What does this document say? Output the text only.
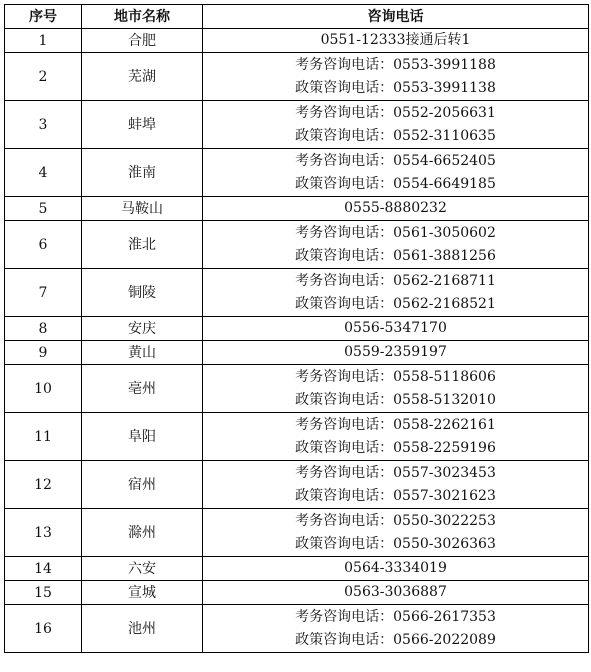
序号	地市名称	咨询电话
1	合肥	0551-12333接通后转1

2	芜湖	考务咨询电话：0553-3991188
政策咨询电话：0553-3991138

3	蚌埠	考务咨询电话：0552-2056631
政策咨询电话：0552-3110635

4	淮南	考务咨询电话：0554-6652405
政策咨询电话：0554-6649185

5	马鞍山	0555-8880232

6	淮北	考务咨询电话：0561-3050602
政策咨询电话：0561-3881256

7	铜陵	考务咨询电话：0562-2168711
政策咨询电话：0562-2168521

8	安庆	0556-5347170

9	黄山	0559-2359197

10	亳州	考务咨询电话：0558-5118606
政策咨询电话：0558-5132010

11	阜阳	考务咨询电话：0558-2262161
政策咨询电话：0558-2259196

12	宿州	考务咨询电话：0557-3023453
政策咨询电话：0557-3021623

13	滁州	考务咨询电话：0550-3022253
政策咨询电话：0550-3026363

14	六安	0564-3334019

15	宣城	0563-3036887

16	池州	考务咨询电话：0566-2617353
政策咨询电话：0566-2022089
